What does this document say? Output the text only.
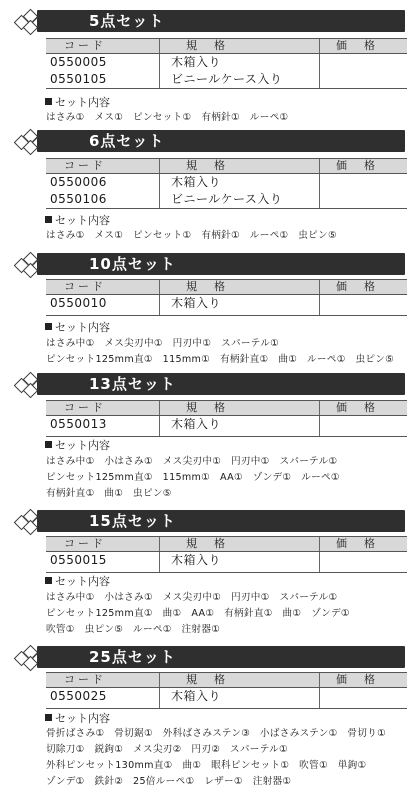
5点セット
コード	規　格	価　格
0550005	木箱入り
0550105	ビニールケース入り
セット内容
はさみ①　メス①　ピンセット①　有柄針①　ルーペ①
6点セット
コード	規　格	価　格
0550006	木箱入り
0550106	ビニールケース入り
セット内容
はさみ①　メス①　ピンセット①　有柄針①　ルーペ①　虫ピン⑤
10点セット
コード	規　格	価　格
0550010	木箱入り
セット内容
はさみ中①　メス尖刃中①　円刃中①　スパーテル①
ピンセット125mm直①　115mm①　有柄針直①　曲①　ルーペ①　虫ピン⑤
13点セット
コード	規　格	価　格
0550013	木箱入り
セット内容
はさみ中①　小はさみ①　メス尖刃中①　円刃中①　スパーテル①
ピンセット125mm直①　115mm①　AA①　ゾンデ①　ルーペ①
有柄針直①　曲①　虫ピン⑤
15点セット
コード	規　格	価　格
0550015	木箱入り
セット内容
はさみ中①　小はさみ①　メス尖刃中①　円刃中①　スパーテル①
ピンセット125mm直①　曲①　AA①　有柄針直①　曲①　ゾンデ①
吹管①　虫ピン⑤　ルーペ①　注射器①
25点セット
コード	規　格	価　格
0550025	木箱入り
セット内容
骨折ばさみ①　骨切鋸①　外科ばさみステン③　小ばさみステン①　骨切り①
切除刀①　鋭鉤①　メス尖刃②　円刃②　スパーテル①
外科ピンセット130mm直①　曲①　眼科ピンセット①　吹管①　単鉤①
ゾンデ①　鉄針②　25倍ルーペ①　レザー①　注射器①
